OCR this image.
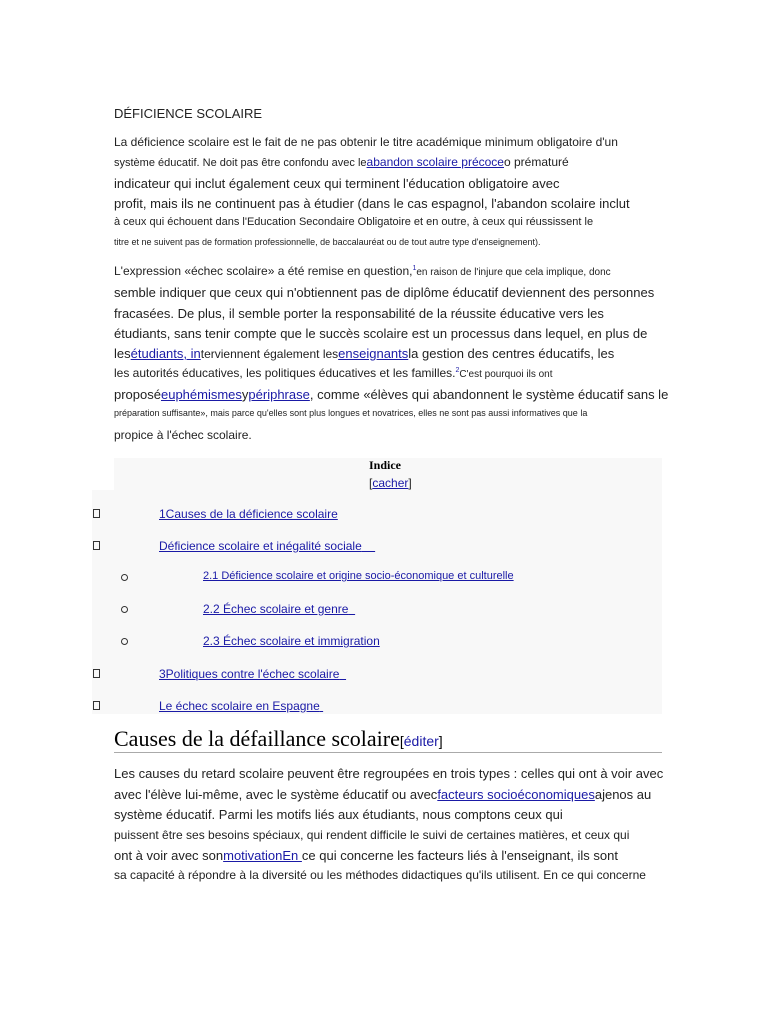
DÉFICIENCE SCOLAIRE
La déficience scolaire est le fait de ne pas obtenir le titre académique minimum obligatoire d'un
système éducatif. Ne doit pas être confondu avec leabandon scolaire précoceo prématuré
indicateur qui inclut également ceux qui terminent l'éducation obligatoire avec
profit, mais ils ne continuent pas à étudier (dans le cas espagnol, l'abandon scolaire inclut
à ceux qui échouent dans l'Education Secondaire Obligatoire et en outre, à ceux qui réussissent le
titre et ne suivent pas de formation professionnelle, de baccalauréat ou de tout autre type d'enseignement).
L'expression «échec scolaire» a été remise en question,$^1$en raison de l'injure que cela implique, donc
semble indiquer que ceux qui n'obtiennent pas de diplôme éducatif deviennent des personnes
fracasées. De plus, il semble porter la responsabilité de la réussite éducative vers les
étudiants, sans tenir compte que le succès scolaire est un processus dans lequel, en plus de
lesétudiants, interviennent également lesenseignantsla gestion des centres éducatifs, les
les autorités éducatives, les politiques éducatives et les familles.$^2$C'est pourquoi ils ont
proposéeuphémismesypériphrase, comme «élèves qui abandonnent le système éducatif sans le
préparation suffisante», mais parce qu'elles sont plus longues et novatrices, elles ne sont pas aussi informatives que la
propice à l'échec scolaire.
Indice
[cacher]
1Causes de la déficience scolaire
Déficience scolaire et inégalité sociale
2.1 Déficience scolaire et origine socio-économique et culturelle
2.2 Échec scolaire et genre
2.3 Échec scolaire et immigration
3Politiques contre l'échec scolaire
Le échec scolaire en Espagne
Causes de la défaillance scolaire[éditer]
Les causes du retard scolaire peuvent être regroupées en trois types : celles qui ont à voir avec
avec l'élève lui-même, avec le système éducatif ou avecfacteurs socioéconomiquesajenos au
système éducatif. Parmi les motifs liés aux étudiants, nous comptons ceux qui
puissent être ses besoins spéciaux, qui rendent difficile le suivi de certaines matières, et ceux qui
ont à voir avec sonmotivationEn ce qui concerne les facteurs liés à l'enseignant, ils sont
sa capacité à répondre à la diversité ou les méthodes didactiques qu'ils utilisent. En ce qui concerne
